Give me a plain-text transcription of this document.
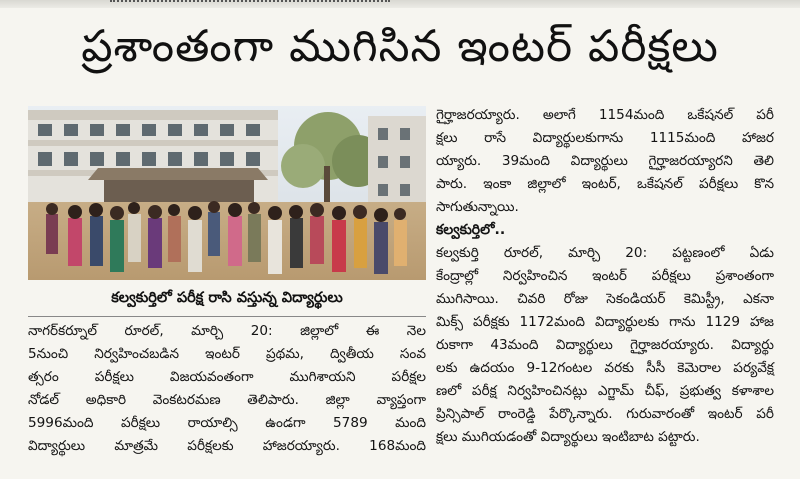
ప్రశాంతంగా ముగిసిన ఇంటర్ పరీక్షలు
కల్వకుర్తిలో పరీక్ష రాసి వస్తున్న విద్యార్థులు

నాగర్‌కర్నూల్ రూరల్, మార్చి 20: జిల్లాలో ఈ నెల

5నుంచి నిర్వహించబడిన ఇంటర్ ప్రథమ, ద్వితీయ సంవ

త్సరం పరీక్షలు విజయవంతంగా ముగిశాయని పరీక్షల

నోడల్ అధికారి వెంకటరమణ తెలిపారు. జిల్లా వ్యాప్తంగా

5996మంది పరీక్షలు రాయాల్సి ఉండగా 5789 మంది

విద్యార్థులు మాత్రమే పరీక్షలకు హాజరయ్యారు. 168మంది

గైర్హాజరయ్యారు. అలాగే 1154మంది ఒకేషనల్ పరీ

క్షలు రాసే విద్యార్థులకుగాను 1115మంది హాజర

య్యారు. 39మంది విద్యార్థులు గైర్హాజరయ్యారని తెలి

పారు. ఇంకా జిల్లాలో ఇంటర్, ఒకేషనల్ పరీక్షలు కొన

సాగుతున్నాయి.

కల్వకుర్తిలో..

కల్వకుర్తి రూరల్, మార్చి 20: పట్టణంలో ఏడు

కేంద్రాల్లో నిర్వహించిన ఇంటర్ పరీక్షలు ప్రశాంతంగా

ముగిసాయి. చివరి రోజు సెకండియర్ కెమిస్ట్రీ, ఎకనా

మిక్స్ పరీక్షకు 1172మంది విద్యార్థులకు గాను 1129 హాజ

రుకాగా 43మంది విద్యార్థులు గైర్హాజరయ్యారు. విద్యార్థు

లకు ఉదయం 9-12గంటల వరకు సీసీ కెమెరాల పర్యవేక్ష

ణలో పరీక్ష నిర్వహించినట్లు ఎగ్జామ్ చీఫ్, ప్రభుత్వ కళాశాల

ప్రిన్సిపాల్ రాంరెడ్డి పేర్కొన్నారు. గురువారంతో ఇంటర్ పరీ

క్షలు ముగియడంతో విద్యార్థులు ఇంటిబాట పట్టారు.
